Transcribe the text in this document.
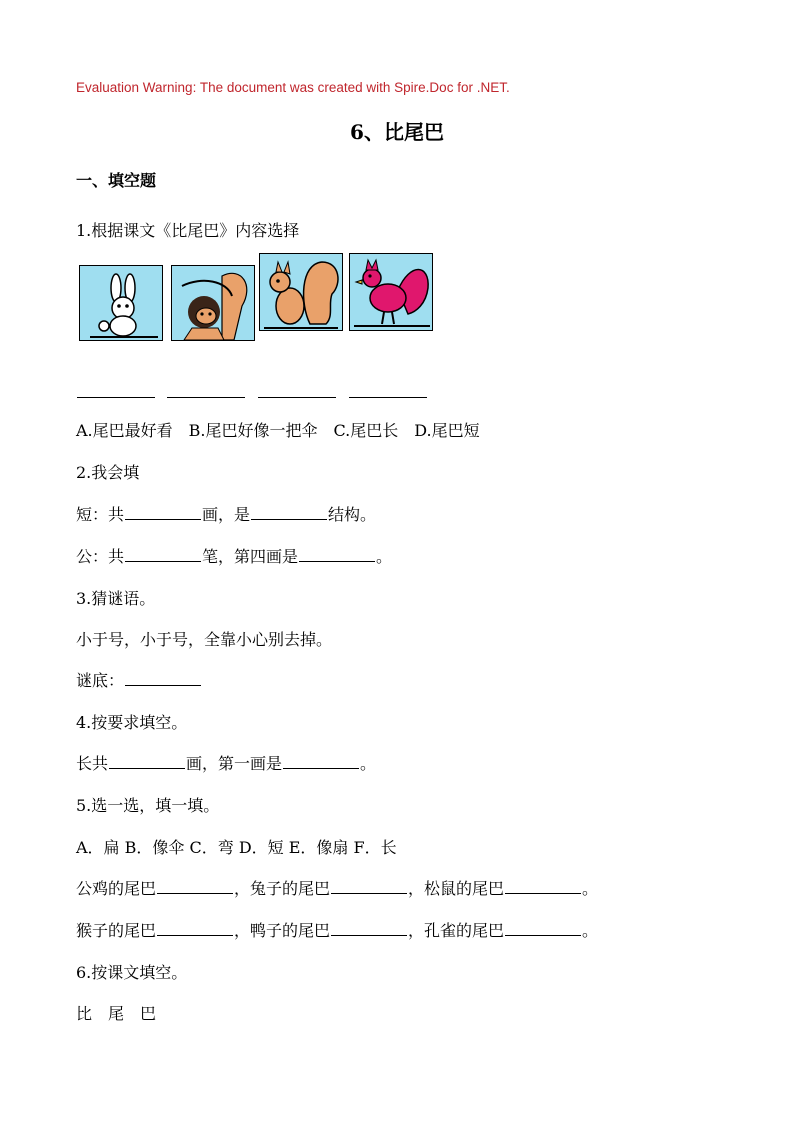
Evaluation Warning: The document was created with Spire.Doc for .NET.
6、比尾巴
一、填空题
1.根据课文《比尾巴》内容选择
A.尾巴最好看　B.尾巴好像一把伞　C.尾巴长　D.尾巴短
2.我会填
短：共	画，是	结构。
公：共	笔，第四画是	。
3.猜谜语。
小于号，小于号，全靠小心别去掉。
谜底：
4.按要求填空。
长共	画，第一画是	。
5.选一选，填一填。
A．扁 B．像伞 C．弯 D．短 E．像扇 F．长
公鸡的尾巴	，兔子的尾巴	，松鼠的尾巴	。
猴子的尾巴	，鸭子的尾巴	，孔雀的尾巴	。
6.按课文填空。
比　尾　巴
